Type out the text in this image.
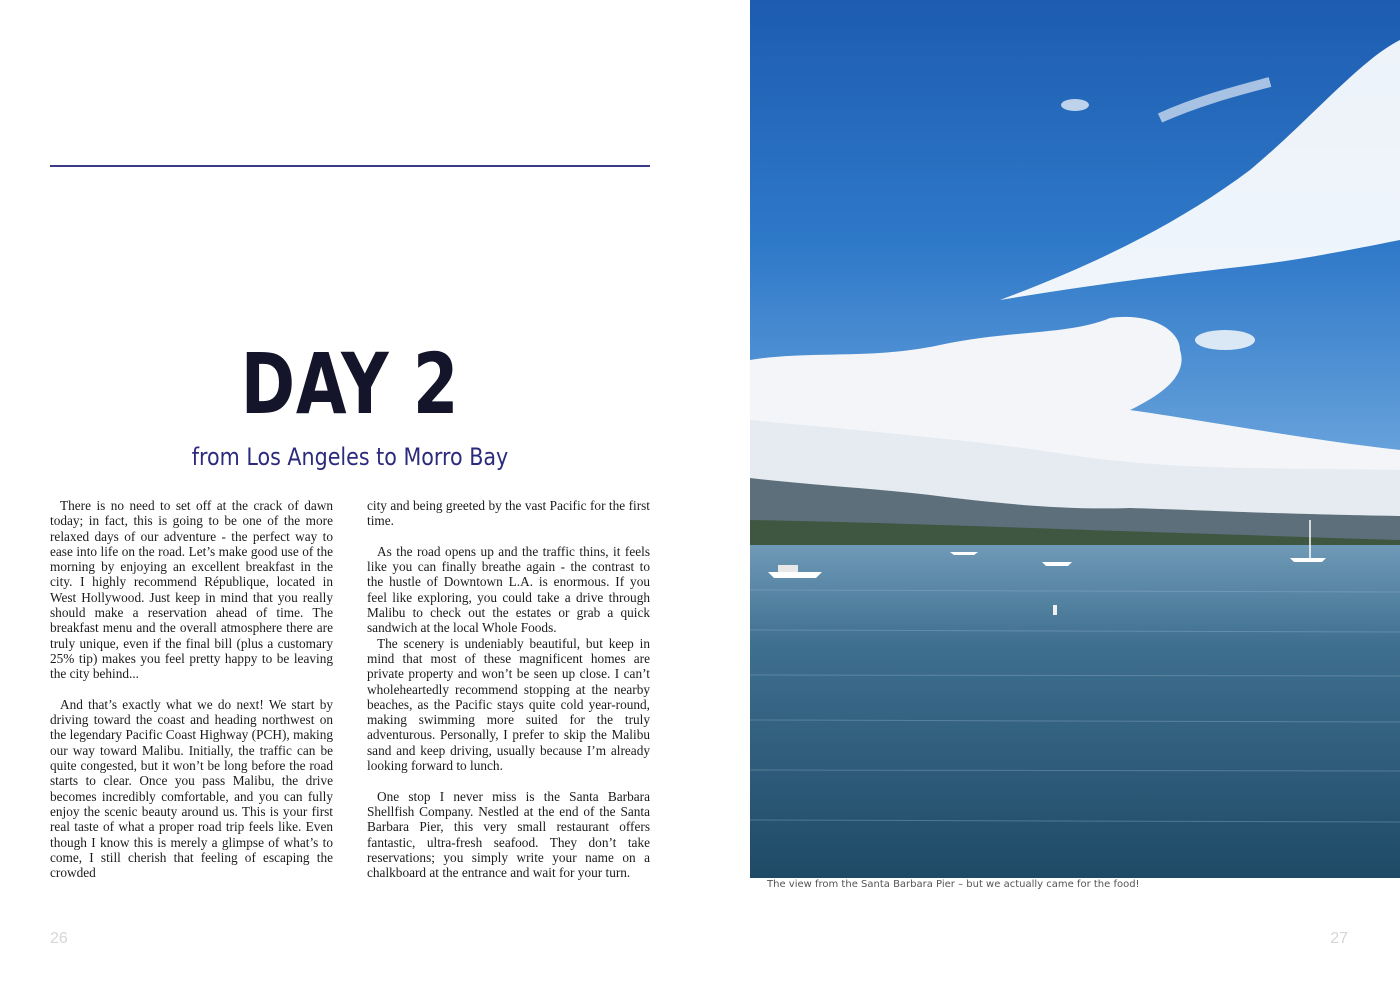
DAY 2
from Los Angeles to Morro Bay

There is no need to set off at the crack of dawn today; in fact, this is going to be one of the more relaxed days of our adventure - the perfect way to ease into life on the road. Let’s make good use of the morning by enjoying an excellent breakfast in the city. I highly recommend République, located in West Hollywood. Just keep in mind that you really should make a reservation ahead of time. The breakfast menu and the overall atmosphere there are truly unique, even if the final bill (plus a customary 25% tip) makes you feel pretty happy to be leaving the city behind...

And that’s exactly what we do next! We start by driving toward the coast and heading northwest on the legendary Pacific Coast Highway (PCH), making our way toward Malibu. Initially, the traffic can be quite congested, but it won’t be long before the road starts to clear. Once you pass Malibu, the drive becomes incredibly comfortable, and you can fully enjoy the scenic beauty around us. This is your first real taste of what a proper road trip feels like. Even though I know this is merely a glimpse of what’s to come, I still cherish that feeling of escaping the crowded

city and being greeted by the vast Pacific for the first time.

As the road opens up and the traffic thins, it feels like you can finally breathe again - the contrast to the hustle of Downtown L.A. is enormous. If you feel like exploring, you could take a drive through Malibu to check out the estates or grab a quick sandwich at the local Whole Foods.

The scenery is undeniably beautiful, but keep in mind that most of these magnificent homes are private property and won’t be seen up close. I can’t wholeheartedly recommend stopping at the nearby beaches, as the Pacific stays quite cold year-round, making swimming more suited for the truly adventurous. Personally, I prefer to skip the Malibu sand and keep driving, usually because I’m already looking forward to lunch.

One stop I never miss is the Santa Barbara Shellfish Company. Nestled at the end of the Santa Barbara Pier, this very small restaurant offers fantastic, ultra-fresh seafood. They don’t take reservations; you simply write your name on a chalkboard at the entrance and wait for your turn.

26
The view from the Santa Barbara Pier – but we actually came for the food!
27
